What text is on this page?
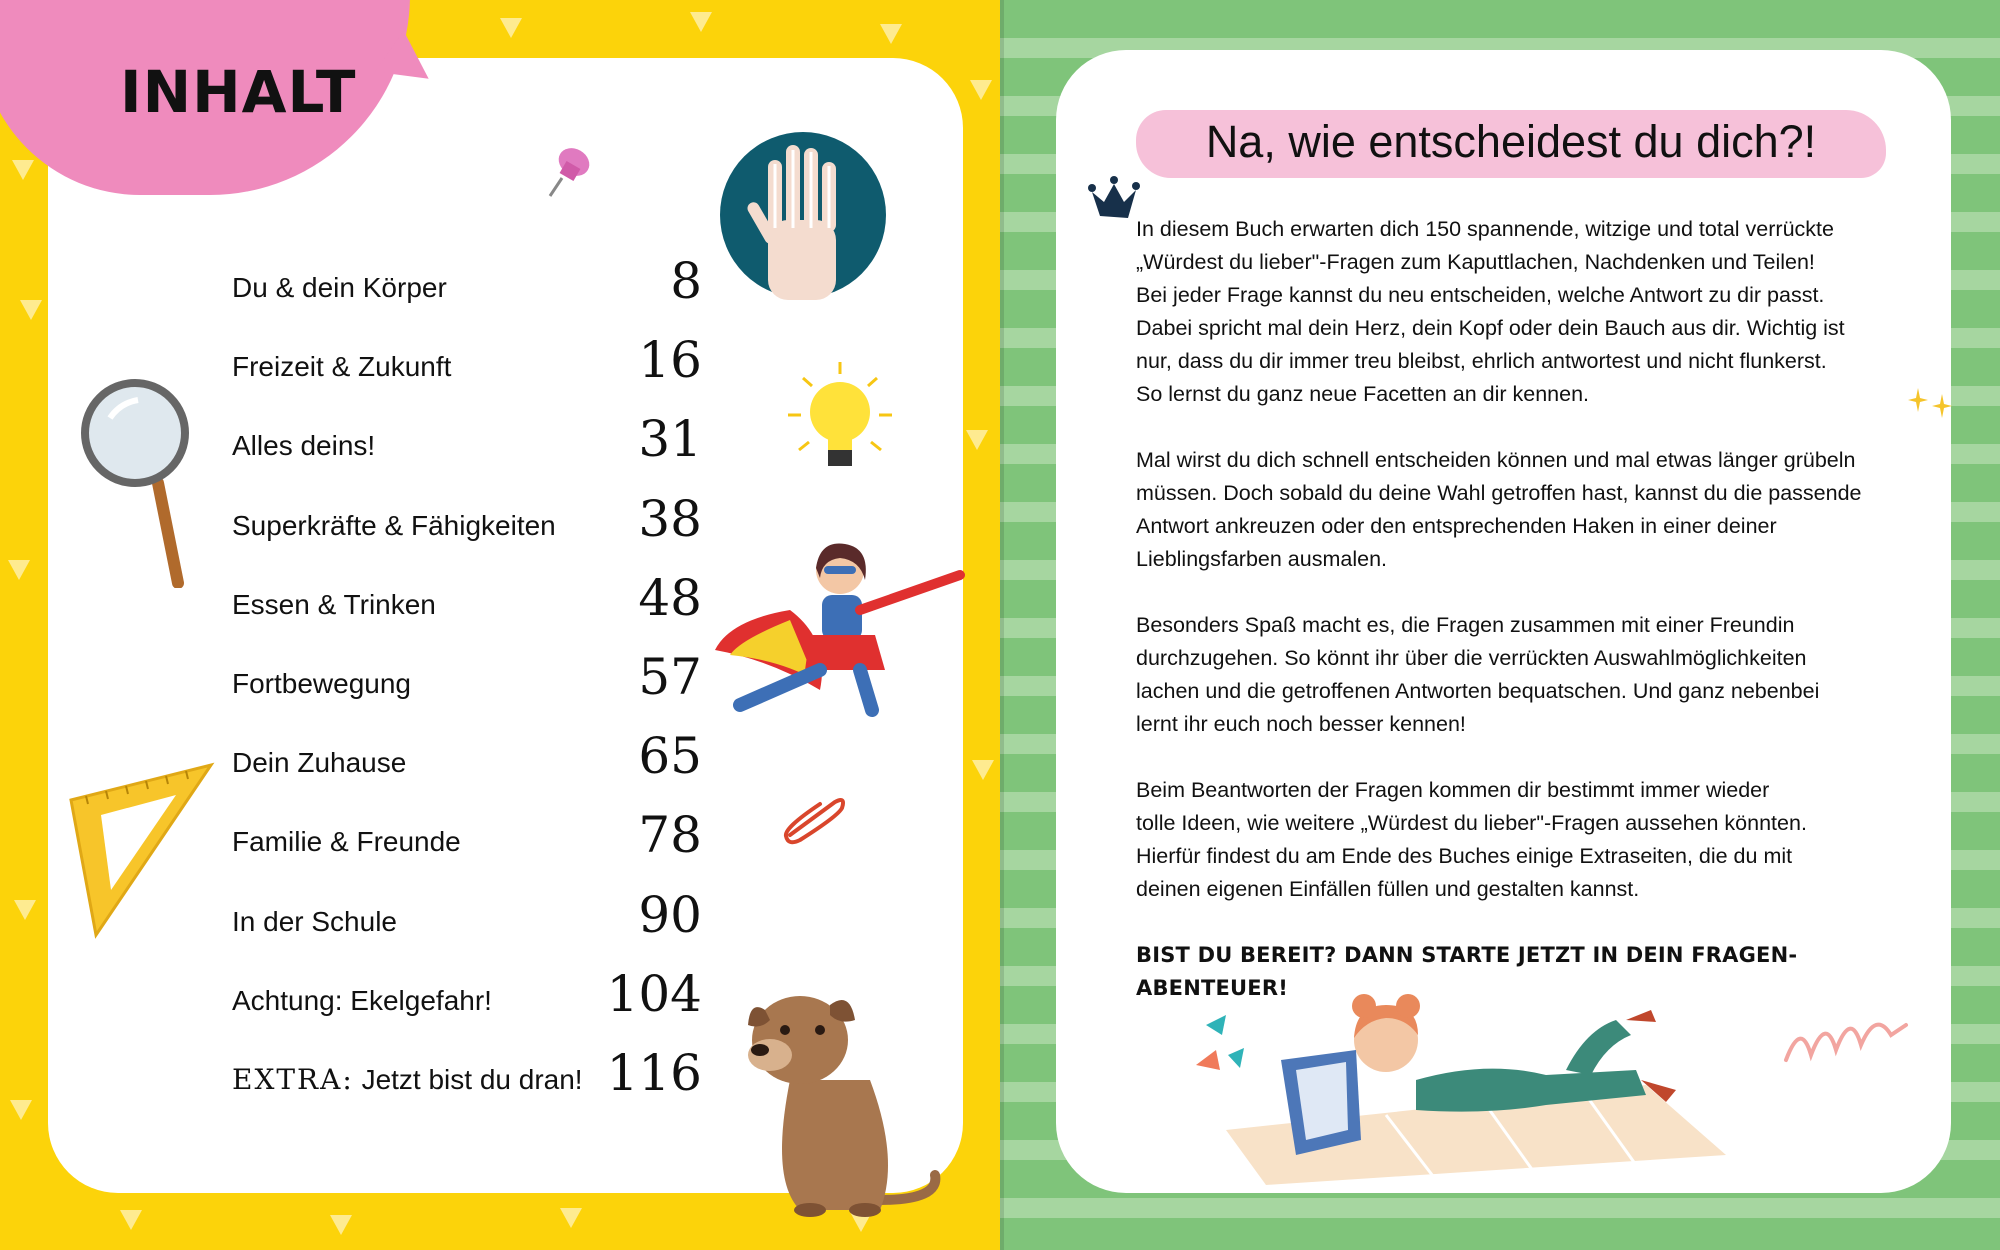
INHALT
Du & dein Körper	8
Freizeit & Zukunft	16
Alles deins!	31
Superkräfte & Fähigkeiten 38
Essen & Trinken	48
Fortbewegung	57
Dein Zuhause	65
Familie & Freunde	78
In der Schule	90
Achtung: Ekelgefahr! 104
EXTRA: Jetzt bist du dran! 116
Na, wie entscheidest du dich?!

In diesem Buch erwarten dich 150 spannende, witzige und total verrückte
„Würdest du lieber"-Fragen zum Kaputtlachen, Nachdenken und Teilen!
Bei jeder Frage kannst du neu entscheiden, welche Antwort zu dir passt.
Dabei spricht mal dein Herz, dein Kopf oder dein Bauch aus dir. Wichtig ist
nur, dass du dir immer treu bleibst, ehrlich antwortest und nicht flunkerst.
So lernst du ganz neue Facetten an dir kennen.

Mal wirst du dich schnell entscheiden können und mal etwas länger grübeln
müssen. Doch sobald du deine Wahl getroffen hast, kannst du die passende
Antwort ankreuzen oder den entsprechenden Haken in einer deiner
Lieblingsfarben ausmalen.

Besonders Spaß macht es, die Fragen zusammen mit einer Freundin
durchzugehen. So könnt ihr über die verrückten Auswahlmöglichkeiten
lachen und die getroffenen Antworten bequatschen. Und ganz nebenbei
lernt ihr euch noch besser kennen!

Beim Beantworten der Fragen kommen dir bestimmt immer wieder
tolle Ideen, wie weitere „Würdest du lieber"-Fragen aussehen könnten.
Hierfür findest du am Ende des Buches einige Extraseiten, die du mit
deinen eigenen Einfällen füllen und gestalten kannst.

BIST DU BEREIT? DANN STARTE JETZT IN DEIN FRAGEN-ABENTEUER!
